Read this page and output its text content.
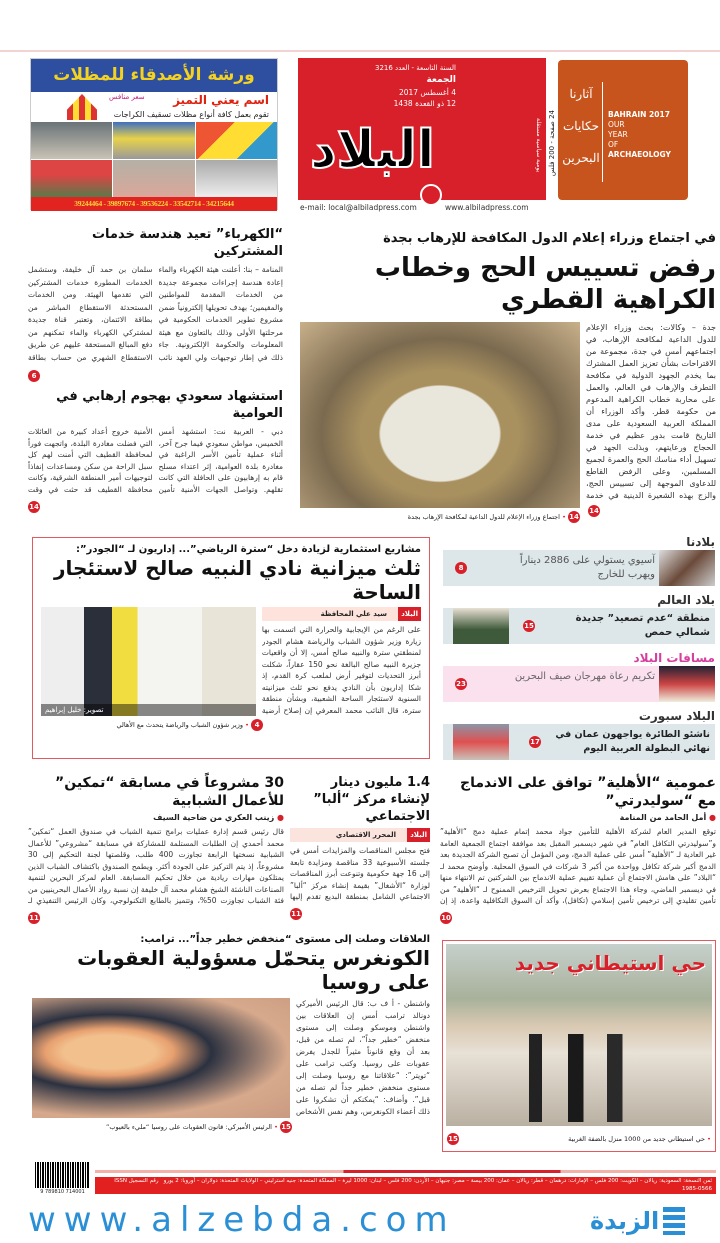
ورشة الأصدقاء للمظلات
سعر منافس اسم يعني التميز
تقوم بعمل كافة أنواع مظلات تسقيف الكراجات
39244464 - 39897674 - 39536224 - 33542714 - 34215644
السنة التاسعة - العدد 3216
الجمعة
4 أغسطس 2017
12 ذو القعدة 1438
البلاد	يومية سياسية مستقلة 24 صفحة - 200 فلس
e-mail: local@albiladpress.com	www.albiladpress.com
آثارنا حكايات البحرين
BAHRAIN 2017
OUR
YEAR
OF
ARCHAEOLOGY
في اجتماع وزراء إعلام الدول المكافحة للإرهاب بجدة
رفض تسييس الحج وخطاب الكراهية القطري
جدة – وكالات: بحث وزراء الإعلام للدول الداعية لمكافحة الإرهاب، في اجتماعهم أمس في جدة، مجموعة من الاقتراحات بشأن تعزيز العمل المشترك بما يخدم الجهود الدولية في مكافحة التطرف والإرهاب في العالم، والعمل على محاربة خطاب الكراهية المدعوم من حكومة قطر. وأكد الوزراء أن المملكة العربية السعودية على مدى التاريخ قامت بدور عظيم في خدمة الحجاج ورعايتهم، وبذلت الجهد في تسهيل أداء مناسك الحج والعمرة لجميع المسلمين، وعلى الرفض القاطع للدعاوى الموجهة إلى تسييس الحج، والزج بهذه الشعيرة الدينية في خدمة
14
14 • اجتماع وزراء الإعلام للدول الداعية لمكافحة الإرهاب بجدة
“الكهرباء” تعيد هندسة خدمات المشتركين
المنامة – بنا: أعلنت هيئة الكهرباء والماء إعادة هندسة إجراءات مجموعة جديدة من الخدمات المقدمة للمواطنين والمقيمين؛ بهدف تحويلها إلكترونياً ضمن مشروع تطوير الخدمات الحكومية في مرحلتها الأولى وذلك بالتعاون مع هيئة المعلومات والحكومة الإلكترونية. جاء ذلك في إطار توجيهات ولي العهد نائب
سلمان بن حمد آل خليفة، وستشمل الخدمات المطورة خدمات المشتركين التي تقدمها الهيئة. ومن الخدمات المستحدثة الاستقطاع المباشر من بطاقة الائتمان، وتعتبر قناة جديدة لمشتركي الكهرباء والماء تمكنهم من دفع المبالغ المستحقة عليهم عن طريق الاستقطاع الشهري من حساب بطاقة
6
استشهاد سعودي بهجوم إرهابي في العوامية
دبي - العربية نت: استشهد أمس الخميس، مواطن سعودي فيما جرح آخر، أثناء عملية تأمين الأسر الراغبة في مغادرة بلدة العوامية، إثر اعتداء مسلح قام به إرهابيون على الحافلة التي كانت تقلهم. وتواصل الجهات الأمنية تأمين
الأمنية خروج أعداد كبيرة من العائلات التي فضلت مغادرة البلدة، واتجهت فوراً لمحافظة القطيف التي أمنت لهم كل سبل الراحة من سكن ومساعدات إنفاذاً لتوجيهات أمير المنطقة الشرقية، وكانت محافظة القطيف قد حثت في وقت
14
مشاريع استثمارية لزيادة دخل “سترة الرياضي”... إداريون لـ “الجودر”:
ثلث ميزانية نادي النبيه صالح لاستئجار الساحة
البلاد
سيد علي المحافظة
على الرغم من الإيجابية والحرارة التي اتسمت بها زيارة وزير شؤون الشباب والرياضة هشام الجودر لمنطقتي سترة والنبيه صالح أمس، إلا أن واقعيات جزيرة النبيه صالح البالغة نحو 150 عقاراً، شكلت أبرز التحديات لتوفير أرض لملعب كرة القدم، إذ شكا إداريون بأن النادي يدفع نحو ثلث ميزانيته السنوية لاستئجار الساحة الشعبية، وبشأن منطقة سترة، قال النائب محمد المعرفي إن إصلاح أرضية
تصوير: خليل إبراهيم
4 • وزير شؤون الشباب والرياضة يتحدث مع الأهالي
بلادنا
آسيوي يستولي على 2886 ديناراً ويهرب للخارج
8
بلاد العالم
منطقة “عدم تصعيد” جديدة شمالي حمص
15
مسافات البلاد
تكريم رعاة مهرجان صيف البحرين
23
البلاد سبورت
ناشئو الطائرة يواجهون عمان في نهائي البطولة العربية اليوم
17
عمومية “الأهلية” توافق على الاندماج مع “سوليدرتي”
● أمل الحامد من المنامة
توقع المدير العام لشركة الأهلية للتأمين جواد محمد إتمام عملية دمج “الأهلية” و”سوليدرتي التكافل العام” في شهر ديسمبر المقبل بعد موافقة اجتماع الجمعية العامة غير العادية لـ “الأهلية” أمس على عملية الدمج، ومن المؤمل أن تصبح الشركة الجديدة بعد الدمج أكبر شركة تكافل وواحدة من أكبر 3 شركات في السوق المحلية. وأوضح محمد لـ “البلاد” على هامش الاجتماع أن عملية تقييم عملية الاندماج بين الشركتين تم الانتهاء منها في ديسمبر الماضي، وجاء هذا الاجتماع بعرض تحويل الترخيص الممنوح لـ “الأهلية” من تأمين تقليدي إلى ترخيص تأمين إسلامي (تكافل)، وأكد أن السوق التكافلية واعدة، إذ إن
10
1.4 مليون دينار لإنشاء مركز “ألبا” الاجتماعي
البلاد
المحرر الاقتصادي
فتح مجلس المناقصات والمزايدات أمس في جلسته الأسبوعية 33 مناقصة ومزايدة تابعة إلى 16 جهة حكومية وتنوعت أبرز المناقصات لوزارة “الأشغال” بقيمة إنشاء مركز “ألبا” الاجتماعي الشامل بمنطقة البديع تقدم إليها
11
30 مشروعاً في مسابقة “تمكين” للأعمال الشبابية
● زينب العكري من ضاحية السيف
قال رئيس قسم إدارة عمليات برامج تنمية الشباب في صندوق العمل “تمكين” محمد أحمدي إن الطلبات المستلمة للمشاركة في مسابقة “مشروعي” للأعمال الشبابية نسختها الرابعة تجاوزت 400 طلب، وقلصتها لجنة التحكيم إلى 30 مشروعاً، إذ يتم التركيز على الجودة أكثر. ويطمح الصندوق باكتشاف الشباب الذين يمتلكون مهارات ريادية من خلال تحكيم المسابقة. العام لمركز البحرين لتنمية الصناعات الناشئة الشيخ هشام محمد آل خليفة إن نسبة رواد الأعمال البحرينيين من فئة الشباب تجاوزت 50%، وتتميز بالطابع التكنولوجي، وكان الرئيس التنفيذي لـ
11
العلاقات وصلت إلى مستوى “منخفض خطير جداً”... ترامب:
الكونغرس يتحمّل مسؤولية العقوبات على روسيا
واشنطن - أ ف ب: قال الرئيس الأميركي دونالد ترامب أمس إن العلاقات بين واشنطن وموسكو وصلت إلى مستوى منخفض “خطير جداً”، لم تصله من قبل، بعد أن وقع قانوناً مثيراً للجدل يفرض عقوبات على روسيا. وكتب ترامب على “تويتر”: “علاقاتنا مع روسيا وصلت إلى مستوى منخفض خطير جداً لم تصله من قبل”. وأضاف: “يمكنكم أن تشكروا على ذلك أعضاء الكونغرس، وهم نفس الأشخاص
15 • الرئيس الأميركي: قانون العقوبات على روسيا “مليء بالعيوب”
حي استيطاني جديد
15	• حي استيطاني جديد من 1000 منزل بالضفة الغربية
9 789810 714001
ثمن النسخة: السعودية: ريالان – الكويت: 200 فلس – الإمارات: درهمان – قطر: ريالان – عمان: 200 بيسة – مصر: جنيهان – الأردن: 200 فلس – لبنان: 1000 ليرة – المملكة المتحدة: جنيه استرليني – الولايات المتحدة: دولاران – أوروبا: 2 يورو   رقم التسجيل ISSN 1985-0566
www.alzebda.com	الزبدة
